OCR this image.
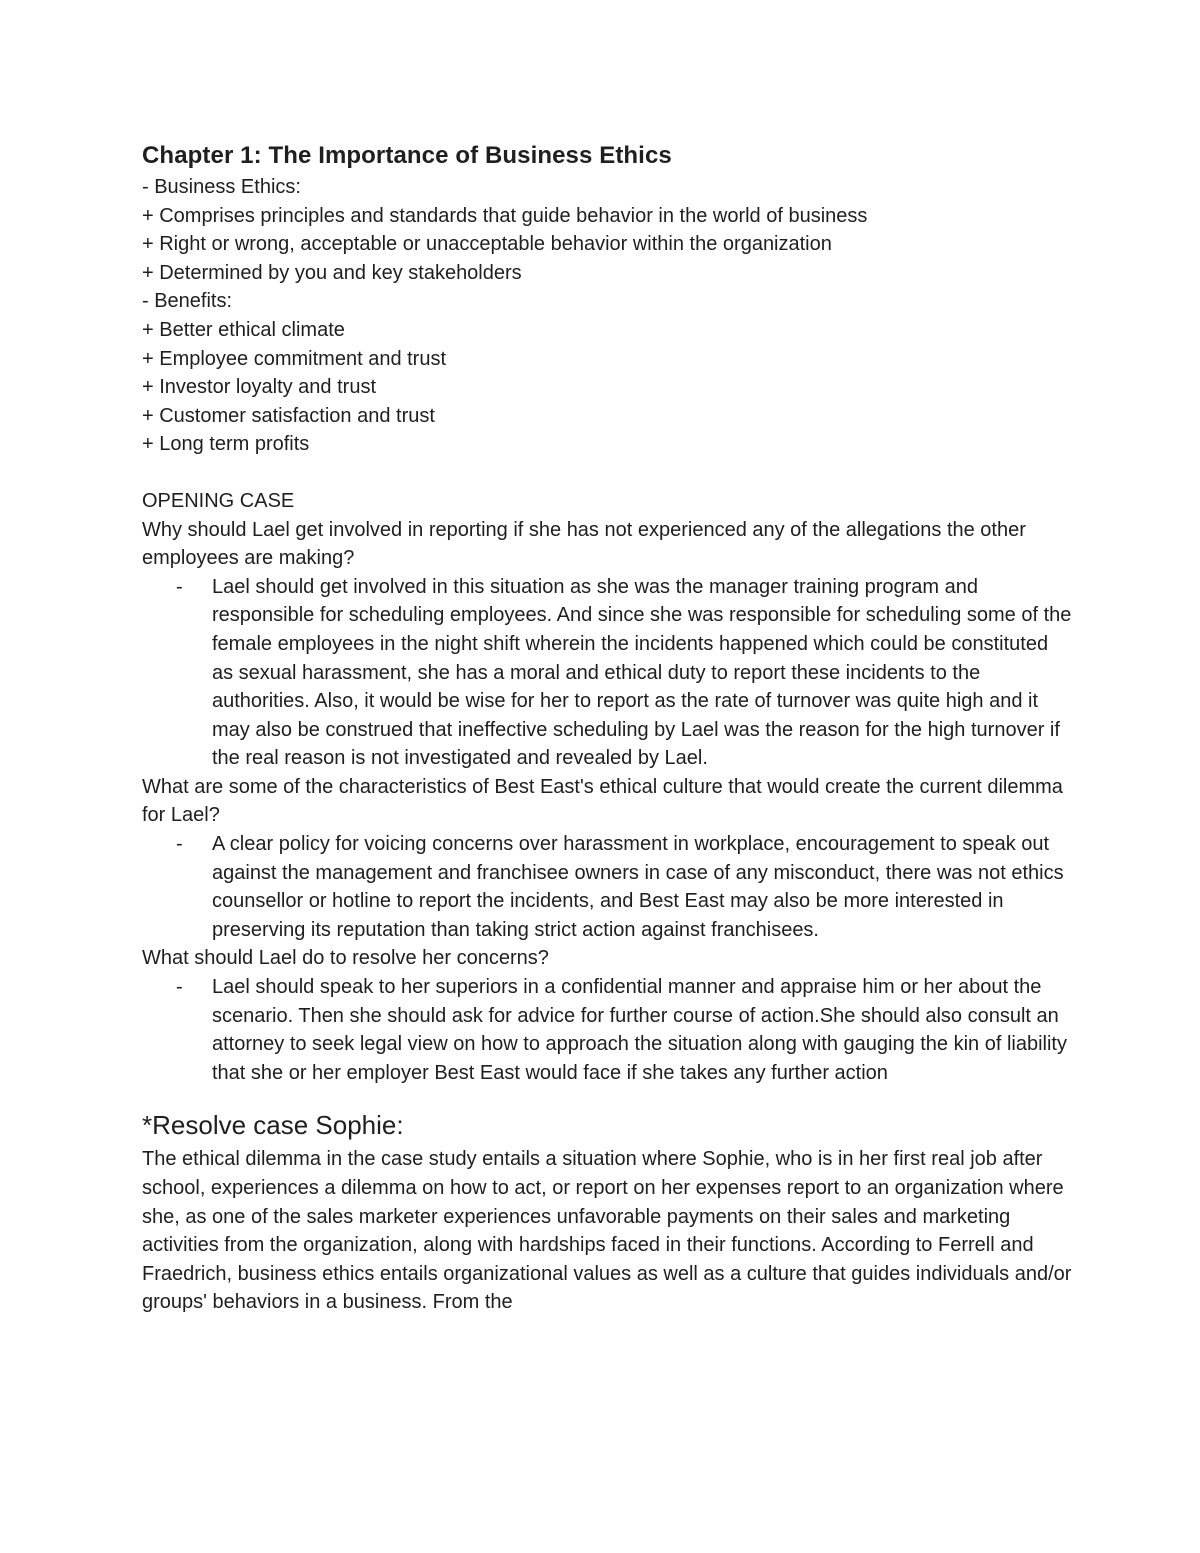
Chapter 1: The Importance of Business Ethics

- Business Ethics:

+ Comprises principles and standards that guide behavior in the world of business

+ Right or wrong, acceptable or unacceptable behavior within the organization

+ Determined by you and key stakeholders

- Benefits:

+ Better ethical climate

+ Employee commitment and trust

+ Investor loyalty and trust

+ Customer satisfaction and trust

+ Long term profits

OPENING CASE

Why should Lael get involved in reporting if she has not experienced any of the allegations the other employees are making?

- Lael should get involved in this situation as she was the manager training program and responsible for scheduling employees. And since she was responsible for scheduling some of the female employees in the night shift wherein the incidents happened which could be constituted as sexual harassment, she has a moral and ethical duty to report these incidents to the authorities. Also, it would be wise for her to report as the rate of turnover was quite high and it may also be construed that ineffective scheduling by Lael was the reason for the high turnover if the real reason is not investigated and revealed by Lael.

What are some of the characteristics of Best East's ethical culture that would create the current dilemma for Lael?

- A clear policy for voicing concerns over harassment in workplace, encouragement to speak out against the management and franchisee owners in case of any misconduct, there was not ethics counsellor or hotline to report the incidents, and Best East may also be more interested in preserving its reputation than taking strict action against franchisees.

What should Lael do to resolve her concerns?

- Lael should speak to her superiors in a confidential manner and appraise him or her about the scenario. Then she should ask for advice for further course of action.She should also consult an attorney to seek legal view on how to approach the situation along with gauging the kin of liability that she or her employer Best East would face if she takes any further action
*Resolve case Sophie:

The ethical dilemma in the case study entails a situation where Sophie, who is in her first real job after school, experiences a dilemma on how to act, or report on her expenses report to an organization where she, as one of the sales marketer experiences unfavorable payments on their sales and marketing activities from the organization, along with hardships faced in their functions. According to Ferrell and Fraedrich, business ethics entails organizational values as well as a culture that guides individuals and/or groups' behaviors in a business. From the
